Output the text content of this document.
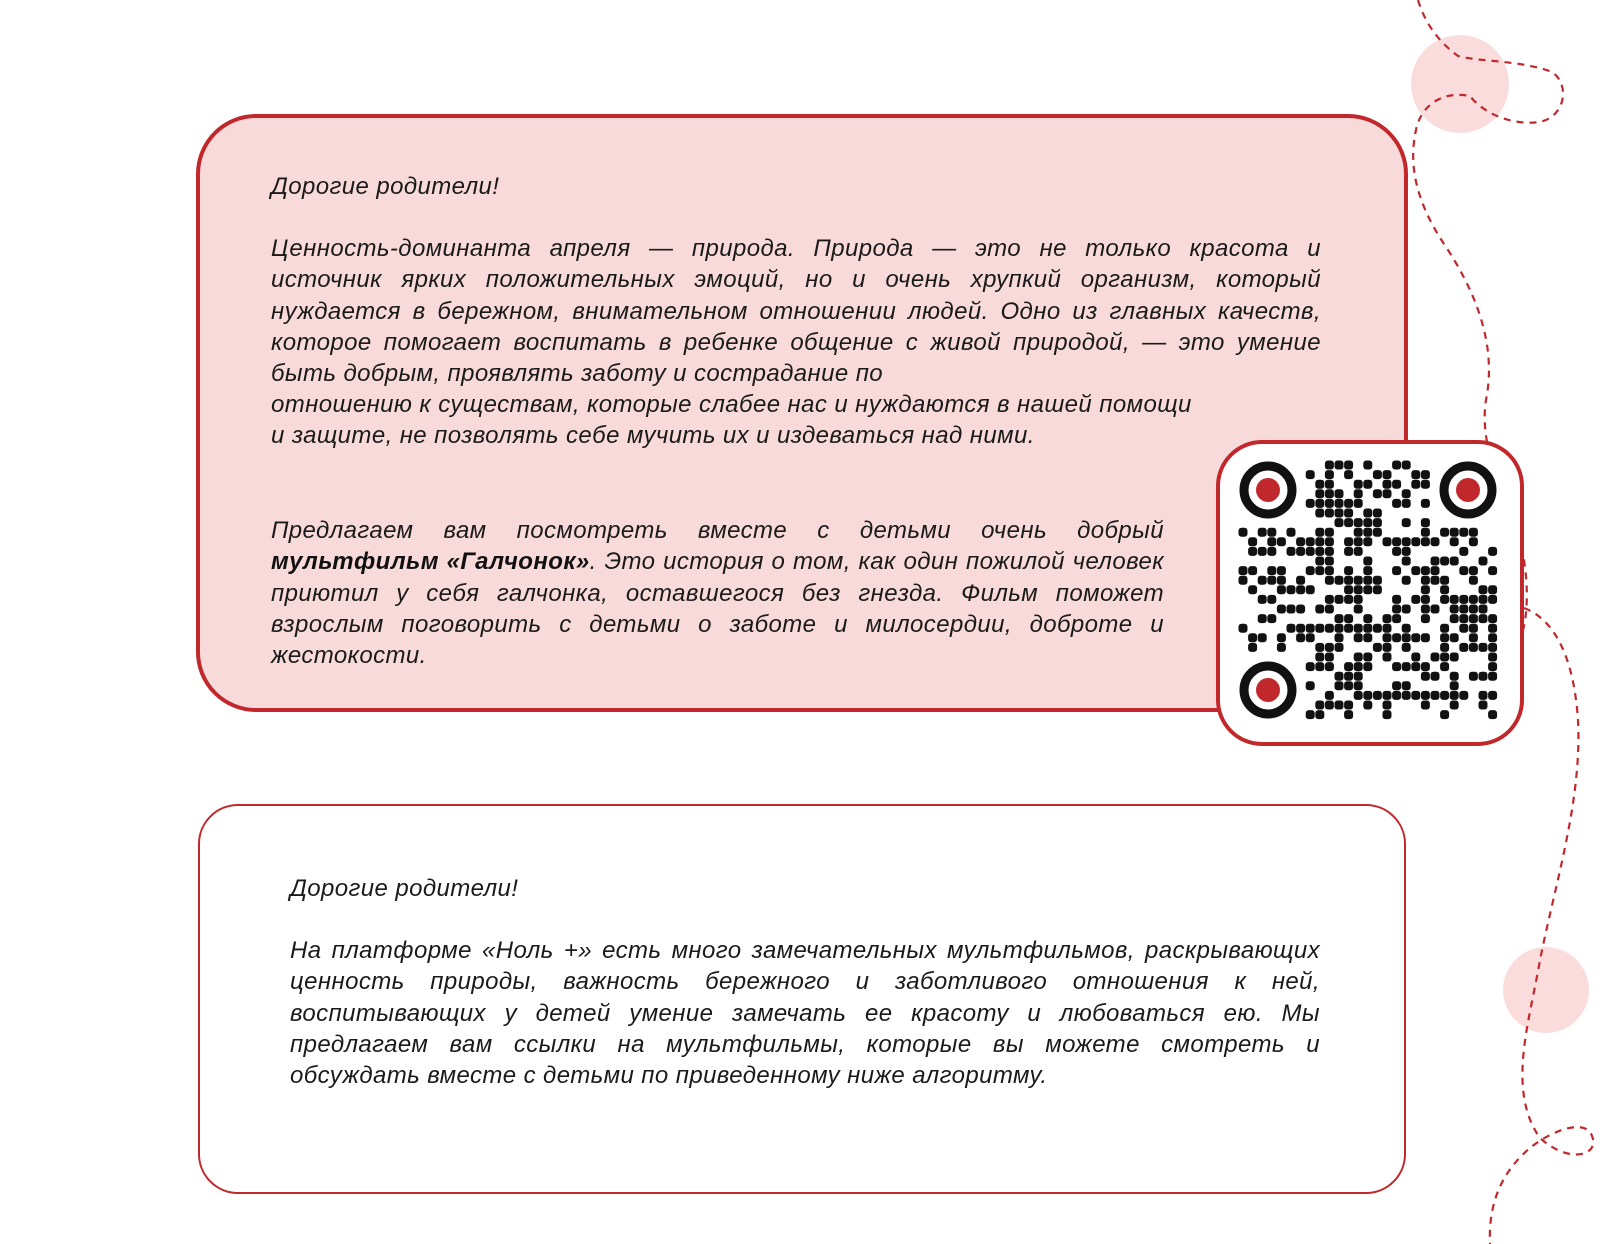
Дорогие родители!

Ценность-доминанта апреля — природа. Природа — это не только красота и источник ярких положительных эмоций, но и очень хрупкий организм, который нуждается в бережном, внимательном отношении людей. Одно из главных качеств, которое помогает воспитать в ребенке общение с живой природой, — это умение быть добрым, проявлять заботу и сострадание по

отношению к существам, которые слабее нас и нуждаются в нашей помощи и защите, не позволять себе мучить их и издеваться над ними.

Предлагаем вам посмотреть вместе с детьми очень добрый мультфильм «Галчонок». Это история о том, как один пожилой человек приютил у себя галчонка, оставшегося без гнезда. Фильм поможет взрослым поговорить с детьми о заботе и милосердии, доброте и жестокости.

Дорогие родители!

На платформе «Ноль +» есть много замечательных мультфильмов, раскрывающих ценность природы, важность бережного и заботливого отношения к ней, воспитывающих у детей умение замечать ее красоту и любоваться ею. Мы предлагаем вам ссылки на мультфильмы, которые вы можете смотреть и обсуждать вместе с детьми по приведенному ниже алгоритму.
